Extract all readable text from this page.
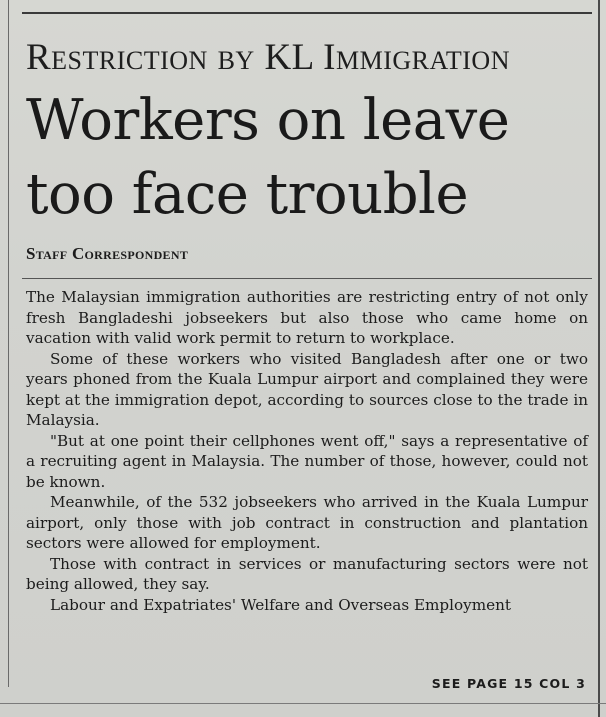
Restriction by KL Immigration
Workers on leave
too face trouble
Staff Correspondent

The Malaysian immigration authorities are restricting entry of not only fresh Bangladeshi jobseekers but also those who came home on vacation with valid work permit to return to workplace.

Some of these workers who visited Bangladesh after one or two years phoned from the Kuala Lumpur airport and complained they were kept at the immigration depot, according to sources close to the trade in Malaysia.

"But at one point their cellphones went off," says a representative of a recruiting agent in Malaysia. The number of those, however, could not be known.

Meanwhile, of the 532 jobseekers who arrived in the Kuala Lumpur airport, only those with job contract in construction and plantation sectors were allowed for employment.

Those with contract in services or manufacturing sectors were not being allowed, they say.

Labour and Expatriates' Welfare and Overseas Employment

SEE PAGE 15 COL 3
